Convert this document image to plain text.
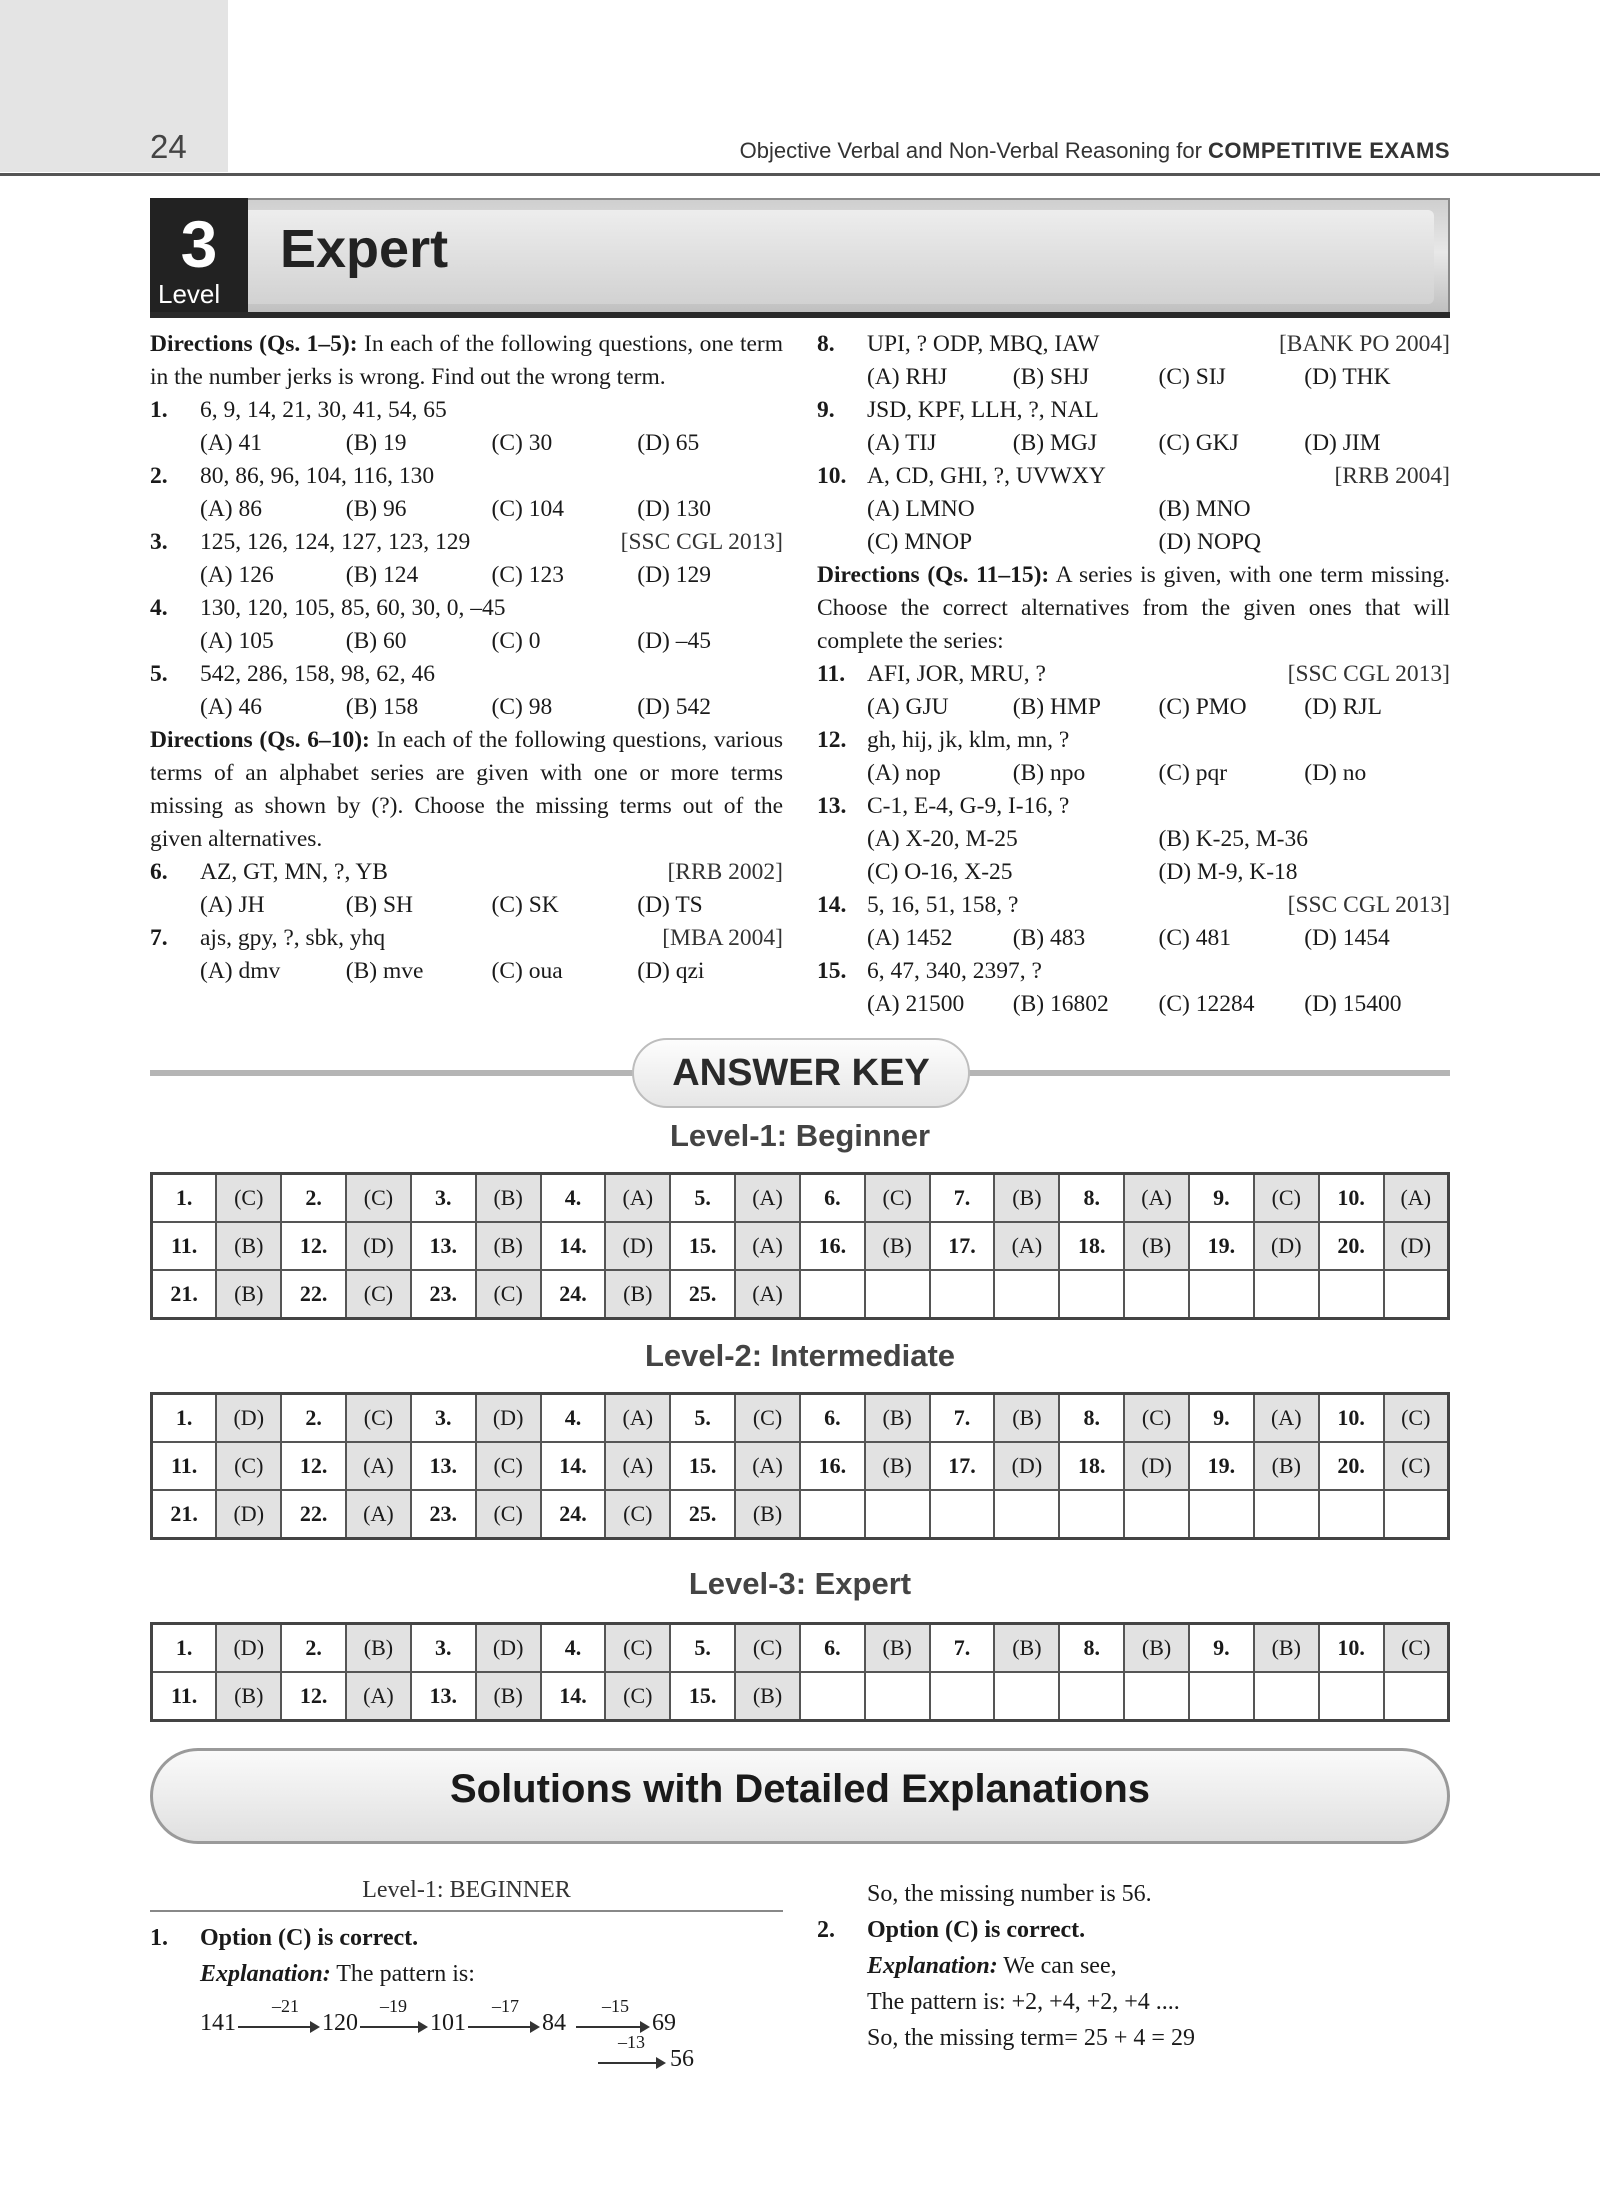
24	Objective Verbal and Non-Verbal Reasoning for COMPETITIVE EXAMS
3
Level
Expert
Directions (Qs. 1–5): In each of the following questions, one term in the number jerks is wrong. Find out the wrong term.
1.	6, 9, 14, 21, 30, 41, 54, 65
(A) 41	(B) 19	(C) 30	(D) 65
2.	80, 86, 96, 104, 116, 130
(A) 86	(B) 96	(C) 104	(D) 130
3.	125, 126, 124, 127, 123, 129	[SSC CGL 2013]
(A) 126	(B) 124	(C) 123	(D) 129
4.	130, 120, 105, 85, 60, 30, 0, –45
(A) 105	(B) 60	(C) 0	(D) –45
5.	542, 286, 158, 98, 62, 46
(A) 46	(B) 158	(C) 98	(D) 542
Directions (Qs. 6–10): In each of the following questions, various terms of an alphabet series are given with one or more terms missing as shown by (?). Choose the missing terms out of the given alternatives.
6.	AZ, GT, MN, ?, YB	[RRB 2002]
(A) JH	(B) SH	(C) SK	(D) TS
7.	ajs, gpy, ?, sbk, yhq	[MBA 2004]
(A) dmv	(B) mve	(C) oua	(D) qzi
8.	UPI, ? ODP, MBQ, IAW	[BANK PO 2004]
(A) RHJ	(B) SHJ	(C) SIJ	(D) THK
9.	JSD, KPF, LLH, ?, NAL
(A) TIJ	(B) MGJ	(C) GKJ	(D) JIM
10. A, CD, GHI, ?, UVWXY	[RRB 2004]
(A) LMNO	(B) MNO
(C) MNOP	(D) NOPQ
Directions (Qs. 11–15): A series is given, with one term missing. Choose the correct alternatives from the given ones that will complete the series:
11. AFI, JOR, MRU, ?	[SSC CGL 2013]
(A) GJU	(B) HMP	(C) PMO	(D) RJL
12. gh, hij, jk, klm, mn, ?
(A) nop	(B) npo	(C) pqr	(D) no
13. C-1, E-4, G-9, I-16, ?
(A) X-20, M-25	(B) K-25, M-36
(C) O-16, X-25	(D) M-9, K-18
14. 5, 16, 51, 158, ?	[SSC CGL 2013]
(A) 1452	(B) 483	(C) 481	(D) 1454
15. 6, 47, 340, 2397, ?
(A) 21500	(B) 16802	(C) 12284	(D) 15400
ANSWER KEY
Level-1: Beginner
1.	(C)	2.	(C)	3.	(B)	4.	(A)	5.	(A)	6.	(C)	7.	(B)	8.	(A)	9.	(C)	10.	(A)
11.	(B)	12.	(D)	13.	(B)	14.	(D)	15.	(A)	16.	(B)	17.	(A)	18.	(B)	19.	(D)	20.	(D)
21.	(B)	22.	(C)	23.	(C)	24.	(B)	25.	(A)										
Level-2: Intermediate
1.	(D)	2.	(C)	3.	(D)	4.	(A)	5.	(C)	6.	(B)	7.	(B)	8.	(C)	9.	(A)	10.	(C)
11.	(C)	12.	(A)	13.	(C)	14.	(A)	15.	(A)	16.	(B)	17.	(D)	18.	(D)	19.	(B)	20.	(C)
21.	(D)	22.	(A)	23.	(C)	24.	(C)	25.	(B)										
Level-3: Expert
1.	(D)	2.	(B)	3.	(D)	4.	(C)	5.	(C)	6.	(B)	7.	(B)	8.	(B)	9.	(B)	10.	(C)
11.	(B)	12.	(A)	13.	(B)	14.	(C)	15.	(B)										
Solutions with Detailed Explanations
Level-1: BEGINNER
1.	Option (C) is correct.
Explanation: The pattern is:
141	120	101	84	69
–21	–19	–17	–15
–13
56
So, the missing number is 56.
2.	Option (C) is correct.
Explanation: We can see,
The pattern is: +2, +4, +2, +4 ....
So, the missing term= 25 + 4 = 29
